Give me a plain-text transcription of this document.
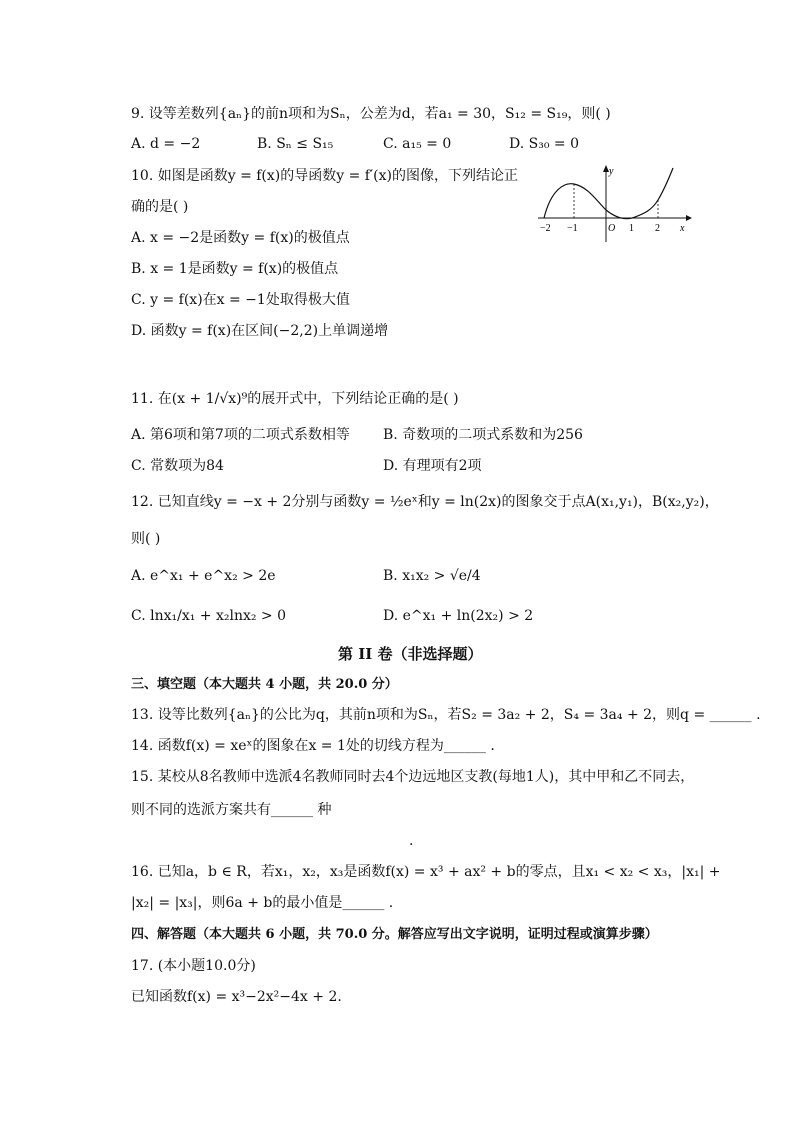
9. 设等差数列{aₙ}的前n项和为Sₙ，公差为d，若a₁ = 30，S₁₂ = S₁₉，则( )
A. d = −2	B. Sₙ ≤ S₁₅	C. a₁₅ = 0	D. S₃₀ = 0
10. 如图是函数y = f(x)的导函数y = f′(x)的图像，下列结论正
确的是( )
A. x = −2是函数y = f(x)的极值点
B. x = 1是函数y = f(x)的极值点
C. y = f(x)在x = −1处取得极大值
D. 函数y = f(x)在区间(−2,2)上单调递增
y
x
O
−2 −1	1 2
11. 在(x + 1/√x)⁹的展开式中，下列结论正确的是( )
A. 第6项和第7项的二项式系数相等 B. 奇数项的二项式系数和为256
C. 常数项为84	D. 有理项有2项
12. 已知直线y = −x + 2分别与函数y = ½eˣ和y = ln(2x)的图象交于点A(x₁,y₁)，B(x₂,y₂)，
则( )
A. e^x₁ + e^x₂ > 2e	B. x₁x₂ > √e/4
C. lnx₁/x₁ + x₂lnx₂ > 0	D. e^x₁ + ln(2x₂) > 2
第 II 卷（非选择题）
三、填空题（本大题共 4 小题，共 20.0 分）
13. 设等比数列{aₙ}的公比为q，其前n项和为Sₙ，若S₂ = 3a₂ + 2，S₄ = 3a₄ + 2，则q = ______ .
14. 函数f(x) = xeˣ的图象在x = 1处的切线方程为______ .
15. 某校从8名教师中选派4名教师同时去4个边远地区支教(每地1人)，其中甲和乙不同去，
则不同的选派方案共有______ 种
.
16. 已知a，b ∈ R，若x₁，x₂，x₃是函数f(x) = x³ + ax² + b的零点，且x₁ < x₂ < x₃，|x₁| +
|x₂| = |x₃|，则6a + b的最小值是______ .
四、解答题（本大题共 6 小题，共 70.0 分。解答应写出文字说明，证明过程或演算步骤）
17. (本小题10.0分)
已知函数f(x) = x³−2x²−4x + 2.
